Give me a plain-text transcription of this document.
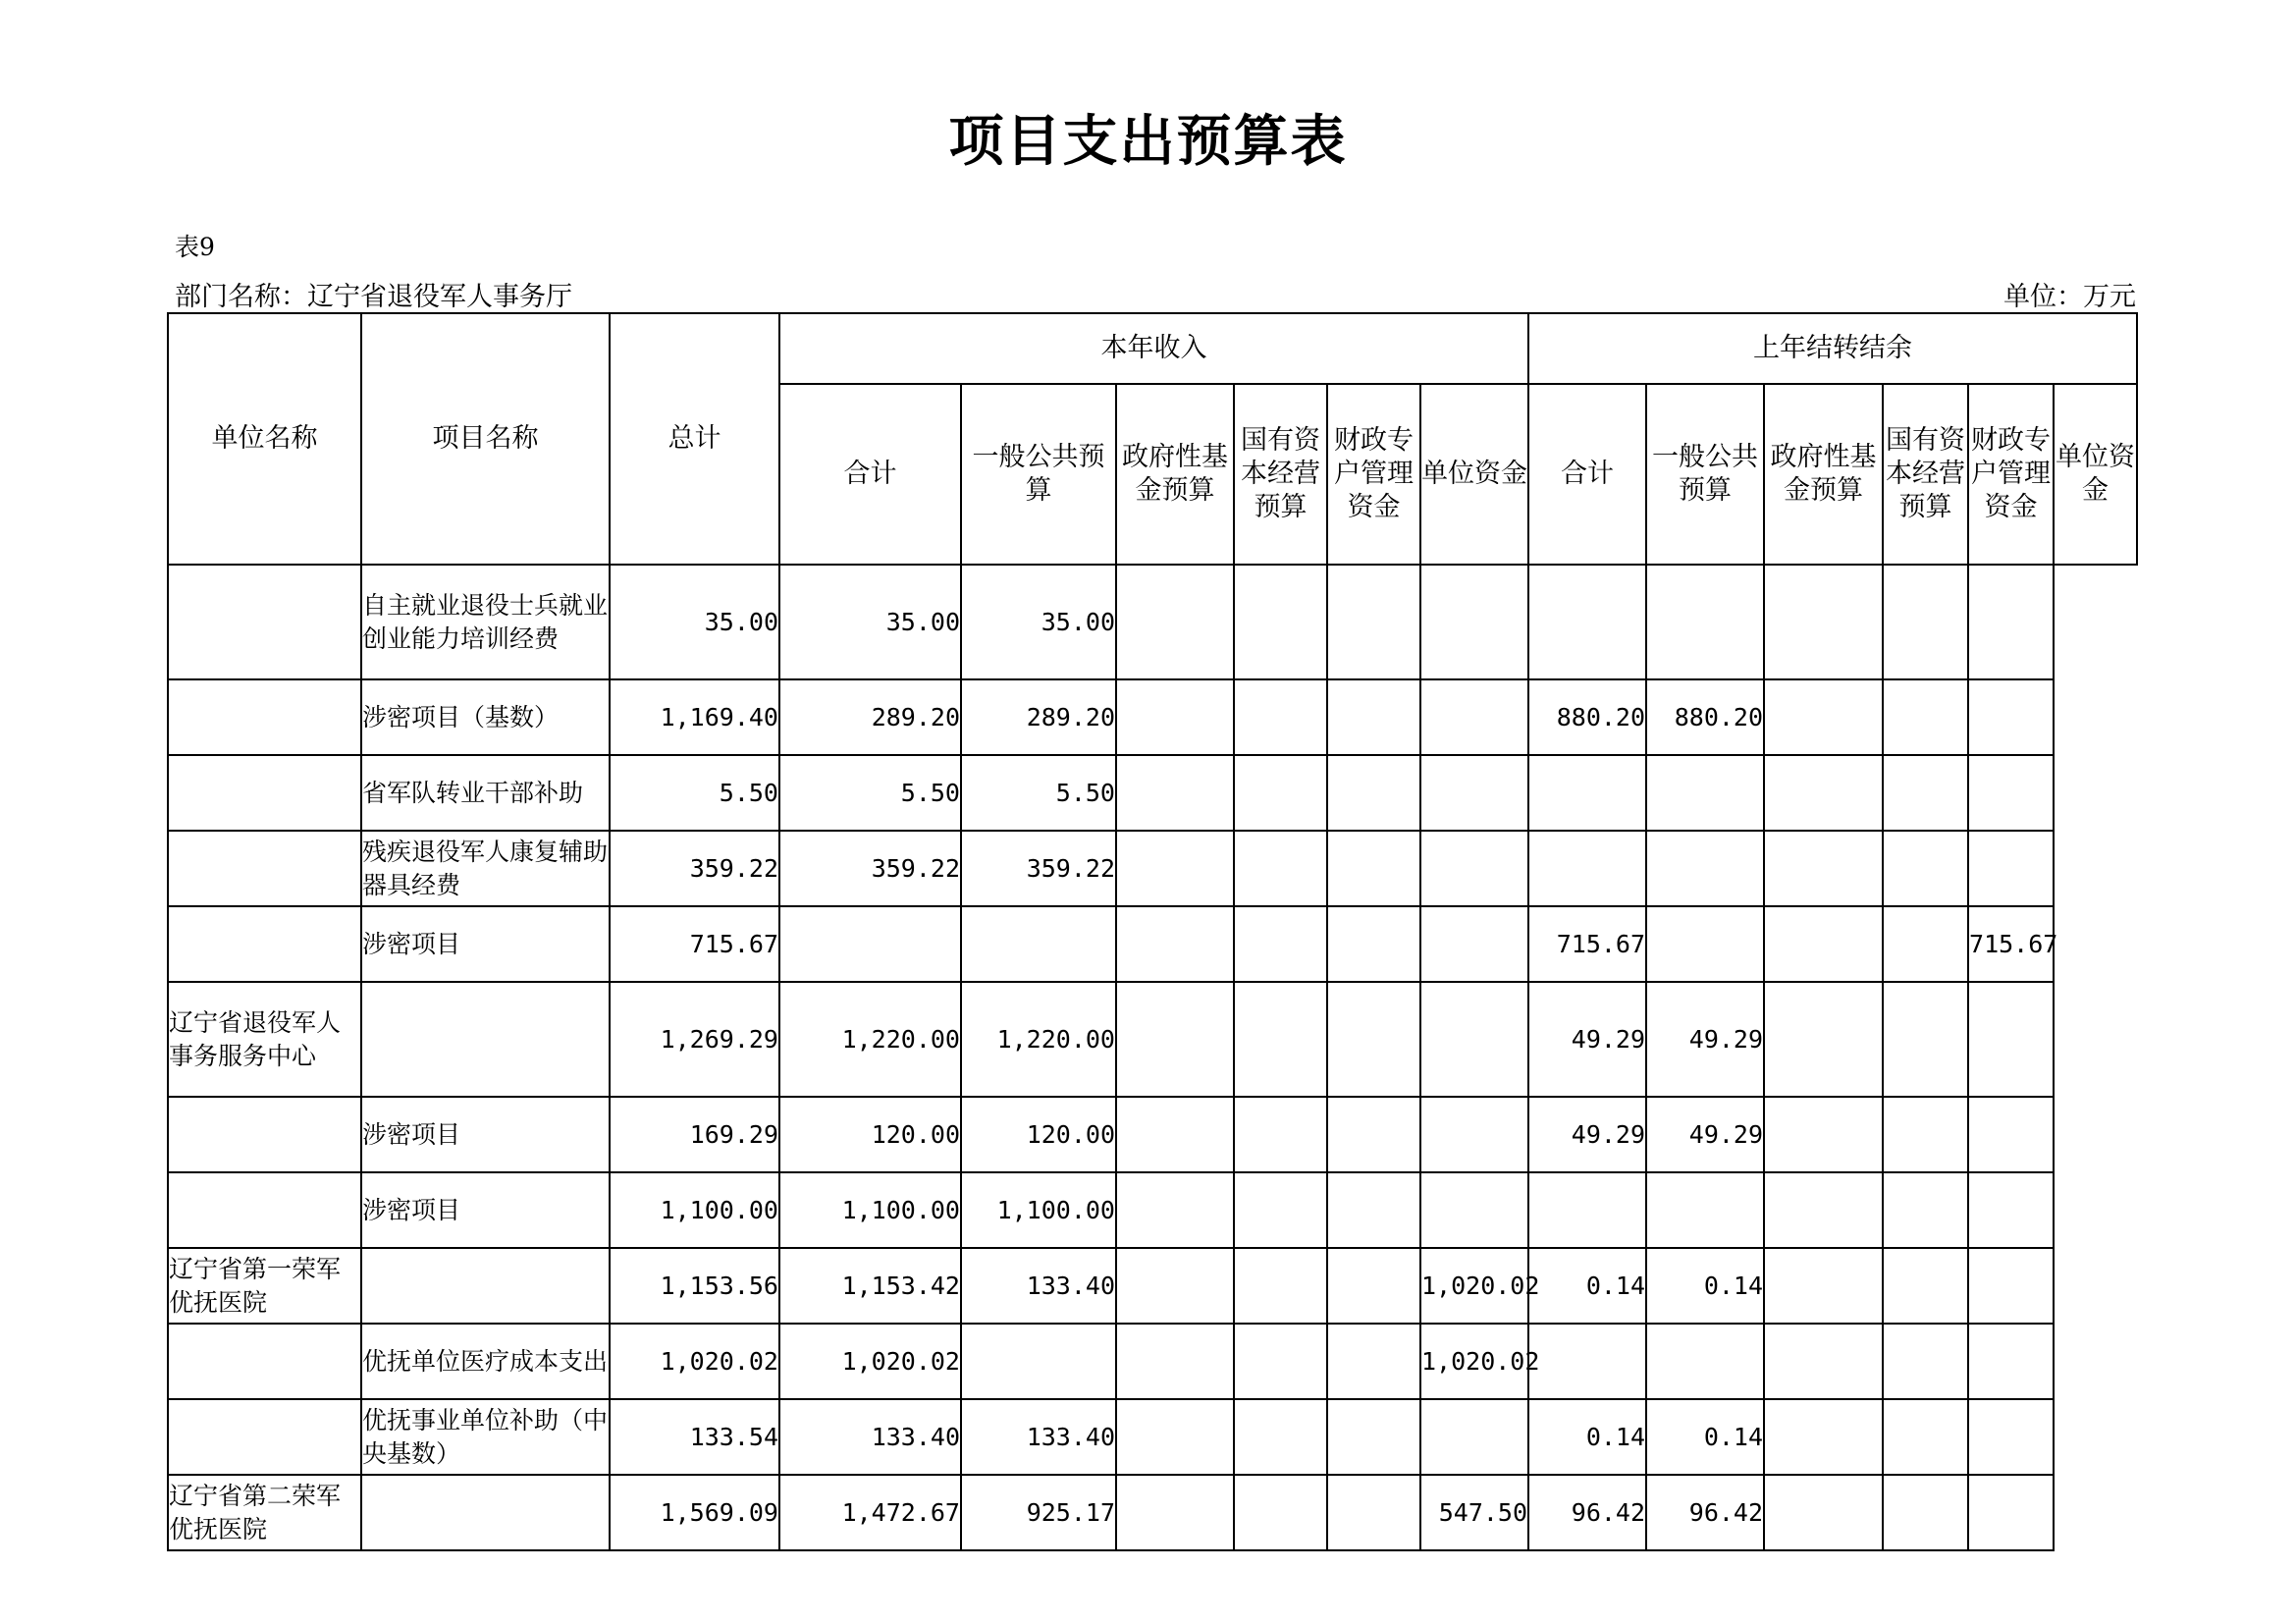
项目支出预算表
表9
部门名称：辽宁省退役军人事务厅	单位：万元
单位名称	项目名称	总计	本年收入						上年结转结余					
			合计	一般公共预算	政府性基金预算	国有资本经营预算	财政专户管理资金	单位资金	合计	一般公共预算	政府性基金预算	国有资本经营预算	财政专户管理资金	单位资金
	自主就业退役士兵就业创业能力培训经费	35.00	35.00	35.00										
	涉密项目（基数）	1,169.40	289.20	289.20					880.20	880.20				
	省军队转业干部补助	5.50	5.50	5.50										
	残疾退役军人康复辅助器具经费	359.22	359.22	359.22										
	涉密项目	715.67							715.67				715.67	
辽宁省退役军人事务服务中心		1,269.29	1,220.00	1,220.00					49.29	49.29				
	涉密项目	169.29	120.00	120.00					49.29	49.29				
	涉密项目	1,100.00	1,100.00	1,100.00										
辽宁省第一荣军优抚医院		1,153.56	1,153.42	133.40				1,020.02	0.14	0.14				
	优抚单位医疗成本支出	1,020.02	1,020.02					1,020.02						
	优抚事业单位补助（中央基数）	133.54	133.40	133.40					0.14	0.14				
辽宁省第二荣军优抚医院		1,569.09	1,472.67	925.17				547.50	96.42	96.42				
